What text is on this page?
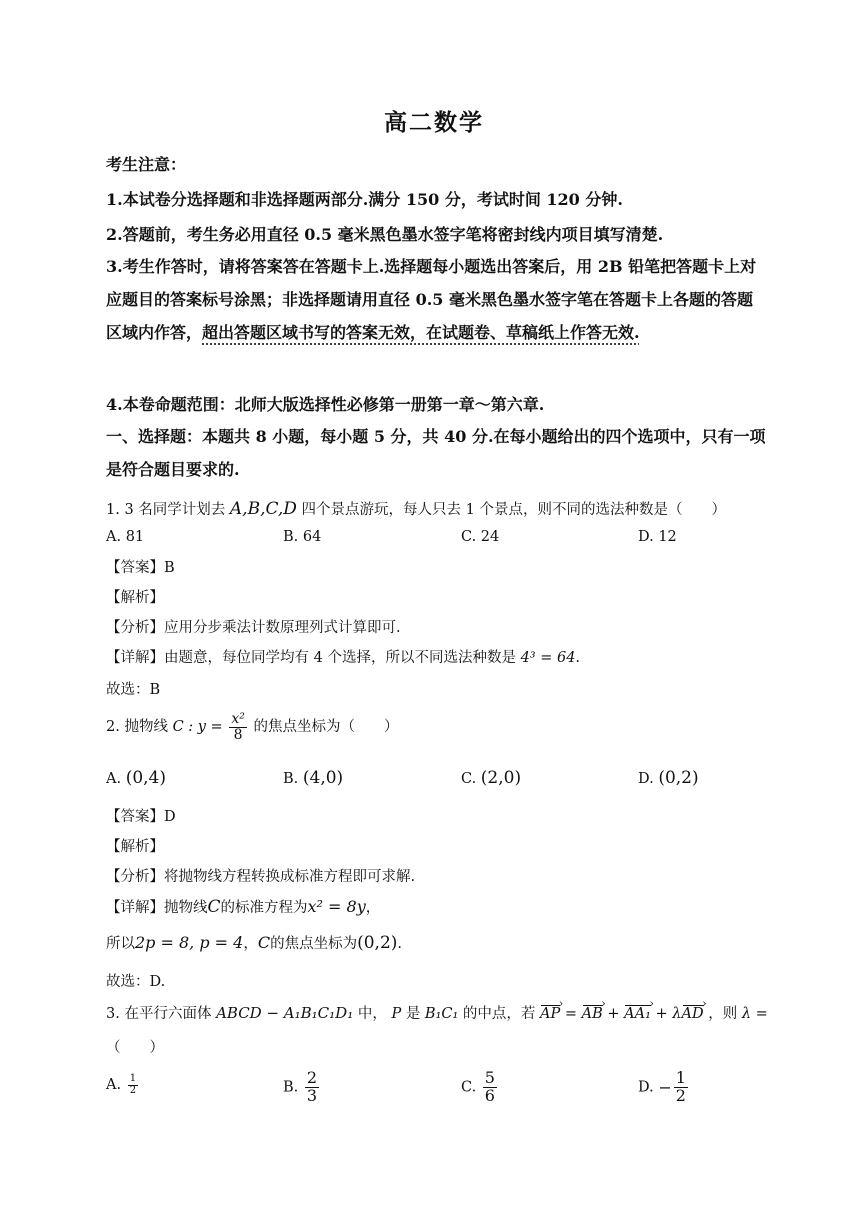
高二数学
考生注意：
1.本试卷分选择题和非选择题两部分.满分 150 分，考试时间 120 分钟.
2.答题前，考生务必用直径 0.5 毫米黑色墨水签字笔将密封线内项目填写清楚.
3.考生作答时，请将答案答在答题卡上.选择题每小题选出答案后，用 2B 铅笔把答题卡上对应题目的答案标号涂黑；非选择题请用直径 0.5 毫米黑色墨水签字笔在答题卡上各题的答题区域内作答，超出答题区域书写的答案无效，在试题卷、草稿纸上作答无效.
4.本卷命题范围：北师大版选择性必修第一册第一章～第六章.
一、选择题：本题共 8 小题，每小题 5 分，共 40 分.在每小题给出的四个选项中，只有一项是符合题目要求的.
1. 3 名同学计划去 A,B,C,D 四个景点游玩，每人只去 1 个景点，则不同的选法种数是（　　）
A. 81	B. 64	C. 24	D. 12
【答案】B
【解析】
【分析】应用分步乘法计数原理列式计算即可.
【详解】由题意，每位同学均有 4 个选择，所以不同选法种数是 4³ = 64.
故选：B
2. 抛物线 C : $y = \frac{\text{x²}}{8}$ 的焦点坐标为（　　）
A. (0,4)	B. (4,0)	C. (2,0)	D. (0,2)
【答案】D
【解析】
【分析】将抛物线方程转换成标准方程即可求解.
【详解】抛物线C的标准方程为x² = 8y，
所以2p = 8, p = 4，C的焦点坐标为(0,2).
故选：D.
3. 在平行六面体 ABCD − A₁B₁C₁D₁ 中， P 是 B₁C₁ 的中点，若 AP › = AB › + AA₁ › + λAD › ，则 λ =
（　　）
A. $\frac{1}{2}$	B. $\frac{2}{3}$	C. $\frac{5}{6}$	D. − $\frac{1}{2}$
